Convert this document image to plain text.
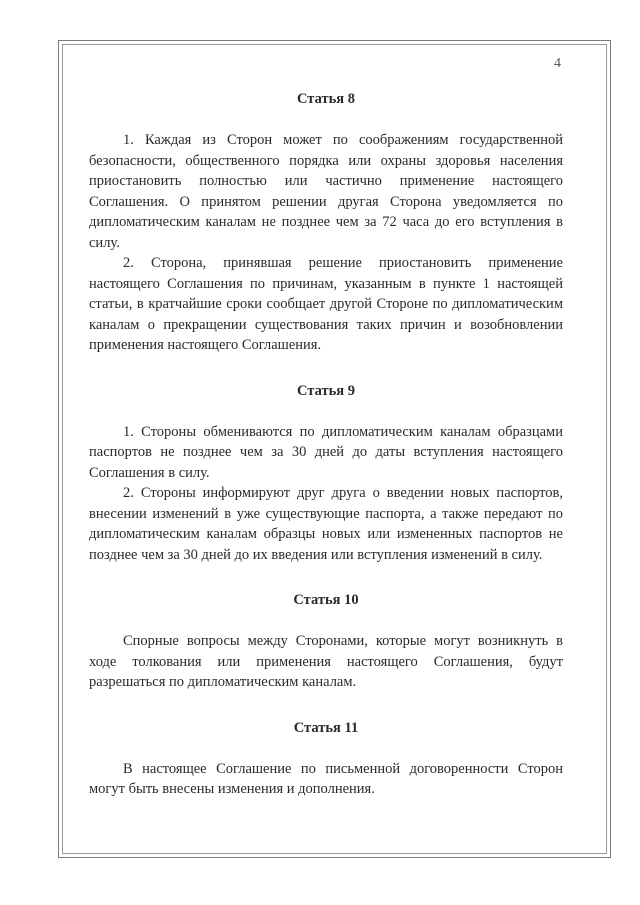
4
Статья 8

1. Каждая из Сторон может по соображениям государственной безопасности, общественного порядка или охраны здоровья населения приостановить полностью или частично применение настоящего Соглашения. О принятом решении другая Сторона уведомляется по дипломатическим каналам не позднее чем за 72 часа до его вступления в силу.

2. Сторона, принявшая решение приостановить применение настоящего Соглашения по причинам, указанным в пункте 1 настоящей статьи, в кратчайшие сроки сообщает другой Стороне по дипломатическим каналам о прекращении существования таких причин и возобновлении применения настоящего Соглашения.

Статья 9

1. Стороны обмениваются по дипломатическим каналам образцами паспортов не позднее чем за 30 дней до даты вступления настоящего Соглашения в силу.

2. Стороны информируют друг друга о введении новых паспортов, внесении изменений в уже существующие паспорта, а также передают по дипломатическим каналам образцы новых или измененных паспортов не позднее чем за 30 дней до их введения или вступления изменений в силу.

Статья 10

Спорные вопросы между Сторонами, которые могут возникнуть в ходе толкования или применения настоящего Соглашения, будут разрешаться по дипломатическим каналам.

Статья 11

В настоящее Соглашение по письменной договоренности Сторон могут быть внесены изменения и дополнения.
